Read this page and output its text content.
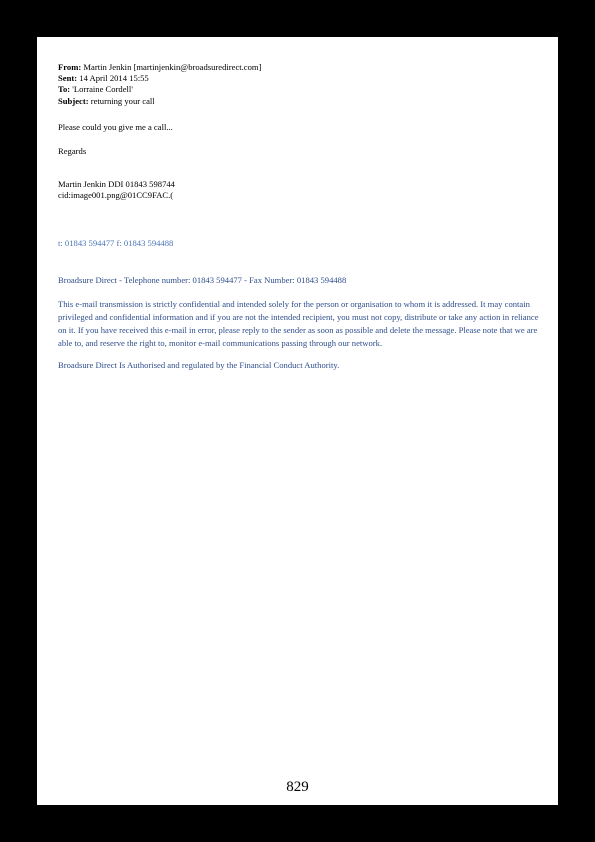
From: Martin Jenkin [martinjenkin@broadsuredirect.com]
Sent: 14 April 2014 15:55
To: 'Lorraine Cordell'
Subject: returning your call

Please could you give me a call...

Regards

Martin Jenkin DDI 01843 598744

cid:image001.png@01CC9FAC.(

t: 01843 594477 f: 01843 594488

Broadsure Direct - Telephone number: 01843 594477 - Fax Number: 01843 594488

This e-mail transmission is strictly confidential and intended solely for the person or organisation to whom it is addressed. It may contain privileged and confidential information and if you are not the intended recipient, you must not copy, distribute or take any action in reliance on it. If you have received this e-mail in error, please reply to the sender as soon as possible and delete the message. Please note that we are able to, and reserve the right to, monitor e-mail communications passing through our network.

Broadsure Direct Is Authorised and regulated by the Financial Conduct Authority.

829
